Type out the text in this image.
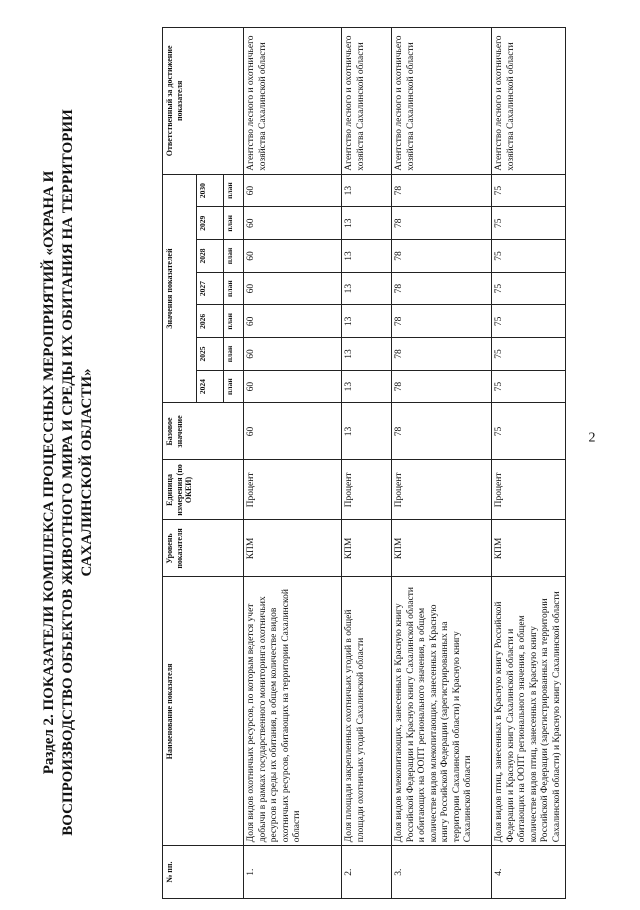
2
Раздел 2. ПОКАЗАТЕЛИ КОМПЛЕКСА ПРОЦЕССНЫХ МЕРОПРИЯТИЙ «ОХРАНА И ВОСПРОИЗВОДСТВО ОБЪЕКТОВ ЖИВОТНОГО МИРА И СРЕДЫ ИХ ОБИТАНИЯ НА ТЕРРИТОРИИ САХАЛИНСКОЙ ОБЛАСТИ»
№ пп.	Наименование показателя	Уровень показателя	Единица измерения (по ОКЕИ)	Базовое значение	Значения показателей							Ответственный за достижение показателя
					2024	2025	2026	2027	2028	2029	2030	
					план	план	план	план	план	план	план	
1.	Доля видов охотничьих ресурсов, по которым ведется учет добычи в рамках государственного мониторинга охотничьих ресурсов и среды их обитания, в общем количестве видов охотничьих ресурсов, обитающих на территории Сахалинской области	КПМ	Процент	60	60	60	60	60	60	60	60	Агентство лесного и охотничьего хозяйства Сахалинской области
2.	Доля площади закрепленных охотничьих угодий в общей площади охотничьих угодий Сахалинской области	КПМ	Процент	13	13	13	13	13	13	13	13	Агентство лесного и охотничьего хозяйства Сахалинской области
3.	Доля видов млекопитающих, занесенных в Красную книгу Российской Федерации и Красную книгу Сахалинской области и обитающих на ООПТ регионального значения, в общем количестве видов млекопитающих, занесенных в Красную книгу Российской Федерации (зарегистрированных на территории Сахалинской области) и Красную книгу Сахалинской области	КПМ	Процент	78	78	78	78	78	78	78	78	Агентство лесного и охотничьего хозяйства Сахалинской области
4.	Доля видов птиц, занесенных в Красную книгу Российской Федерации и Красную книгу Сахалинской области и обитающих на ООПТ регионального значения, в общем количестве видов птиц, занесенных в Красную книгу Российской Федерации (зарегистрированных на территории Сахалинской области) и Красную книгу Сахалинской области	КПМ	Процент	75	75	75	75	75	75	75	75	Агентство лесного и охотничьего хозяйства Сахалинской области
